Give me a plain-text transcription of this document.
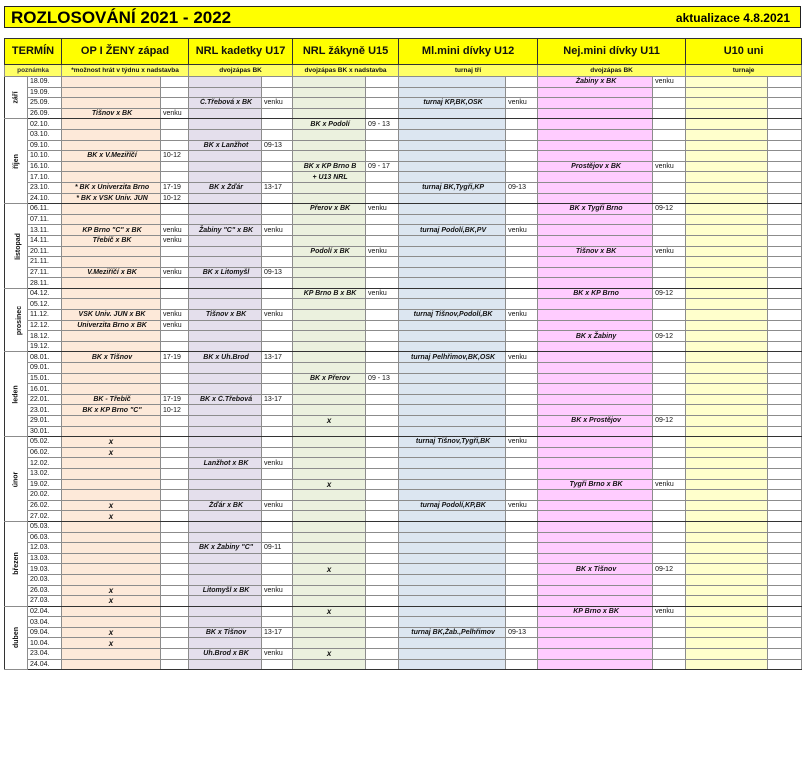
ROZLOSOVÁNÍ 2021 - 2022	aktualizace 4.8.2021
TERMÍN		OP I ŽENY západ		NRL kadetky U17		NRL žákyně U15		Ml.mini dívky U12		Nej.mini dívky U11		U10 uni	
poznámka		*možnost hrát v týdnu x nadstavba		dvojzápas BK		dvojzápas BK x nadstavba		turnaj tří		dvojzápas BK		turnaje	
září	18.09.									Žabiny x BK	venku		
	19.09.												
	25.09.			Č.Třebová x BK	venku			turnaj KP,BK,OSK	venku				
	26.09.	Tišnov x BK	venku										
říjen	02.10.					BK x Podolí	09 - 13						
	03.10.												
	09.10.			BK x Lanžhot	09-13								
	10.10.	BK x V.Meziříčí	10-12										
	16.10.					BK x KP Brno B	09 - 17			Prostějov x BK	venku		
	17.10.					+ U13 NRL							
	23.10.	* BK x Univerzita Brno	17-19	BK x Žďár	13-17			turnaj BK,Tygři,KP	09-13				
	24.10.	* BK x VSK Univ. JUN	10-12										
listopad	06.11.					Přerov x BK	venku			BK x Tygři Brno	09-12		
	07.11.												
	13.11.	KP Brno "C" x BK	venku	Žabiny "C" x BK	venku			turnaj Podolí,BK,PV	venku				
	14.11.	Třebíč x BK	venku										
	20.11.					Podolí x BK	venku			Tišnov x BK	venku		
	21.11.												
	27.11.	V.Meziříčí x BK	venku	BK x Litomyšl	09-13								
	28.11.												
prosinec	04.12.					KP Brno B x BK	venku			BK x KP Brno	09-12		
	05.12.												
	11.12.	VSK Univ. JUN x BK	venku	Tišnov x BK	venku			turnaj Tišnov,Podolí,BK	venku				
	12.12.	Univerzita Brno x BK	venku										
	18.12.									BK x Žabiny	09-12		
	19.12.												
leden	08.01.	BK x Tišnov	17-19	BK x Uh.Brod	13-17			turnaj Pelhřimov,BK,OSK	venku				
	09.01.												
	15.01.					BK x Přerov	09 - 13						
	16.01.												
	22.01.	BK - Třebíč	17-19	BK x Č.Třebová	13-17								
	23.01.	BK x KP Brno "C"	10-12										
	29.01.					x				BK x Prostějov	09-12		
	30.01.												
únor	05.02.	x						turnaj Tišnov,Tygři,BK	venku				
	06.02.	x											
	12.02.			Lanžhot x BK	venku								
	13.02.												
	19.02.					x				Tygři Brno x BK	venku		
	20.02.												
	26.02.	x		Žďár x BK	venku			turnaj Podolí,KP,BK	venku				
	27.02.	x											
březen	05.03.												
	06.03.												
	12.03.			BK x Žabiny "C"	09-11								
	13.03.												
	19.03.					x				BK x Tišnov	09-12		
	20.03.												
	26.03.	x		Litomyšl x BK	venku								
	27.03.	x											
duben	02.04.					x				KP Brno x BK	venku		
	03.04.												
	09.04.	x		BK x Tišnov	13-17			turnaj BK,Žab.,Pelhřimov	09-13				
	10.04.	x											
	23.04.			Uh.Brod x BK	venku	x							
	24.04.												
